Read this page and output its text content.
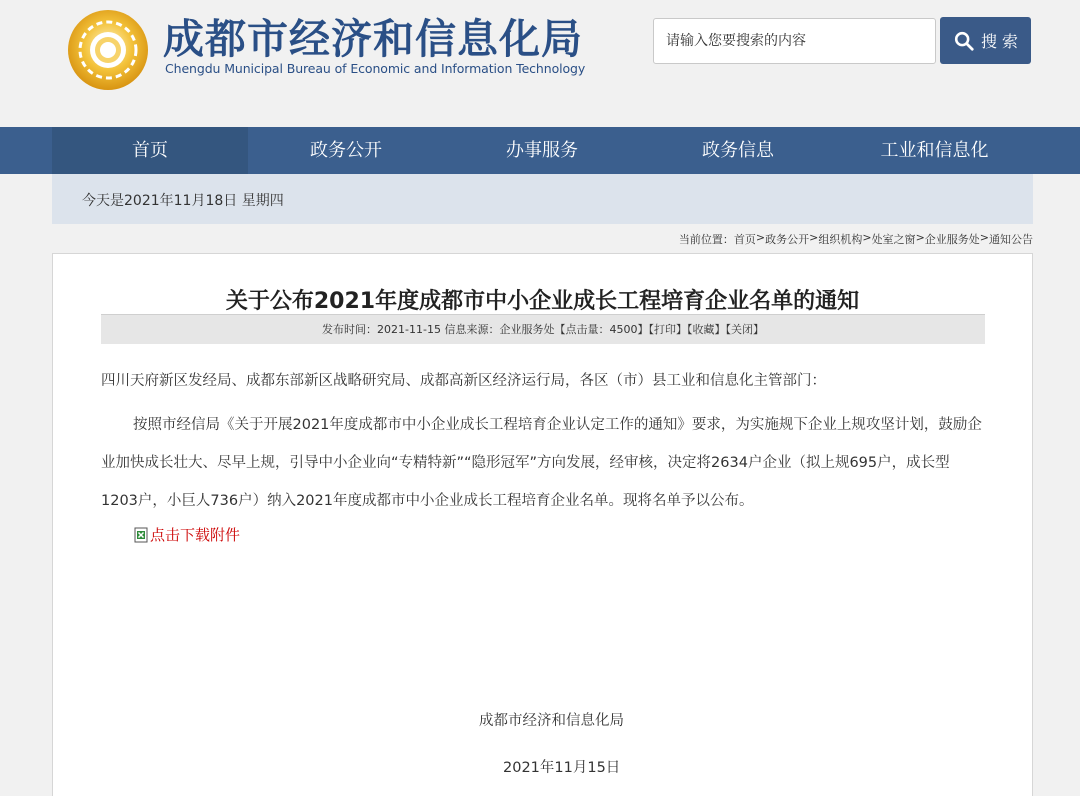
成都市经济和信息化局
Chengdu Municipal Bureau of Economic and Information Technology
请输入您要搜索的内容
搜 索
首页	政务公开	办事服务	政务信息	工业和信息化
今天是2021年11月18日 星期四
当前位置： 首页 > 政务公开 > 组织机构 > 处室之窗 > 企业服务处 > 通知公告
关于公布2021年度成都市中小企业成长工程培育企业名单的通知
发布时间：2021-11-15 信息来源：企业服务处【点击量：4500】【打印】【收藏】【关闭】
四川天府新区发经局、成都东部新区战略研究局、成都高新区经济运行局，各区（市）县工业和信息化主管部门：
按照市经信局《关于开展2021年度成都市中小企业成长工程培育企业认定工作的通知》要求，为实施规下企业上规攻坚计划，鼓励企业加快成长壮大、尽早上规，引导中小企业向“专精特新”“隐形冠军”方向发展，经审核，决定将2634户企业（拟上规695户，成长型1203户，小巨人736户）纳入2021年度成都市中小企业成长工程培育企业名单。现将名单予以公布。
点击下载附件
成都市经济和信息化局
2021年11月15日
